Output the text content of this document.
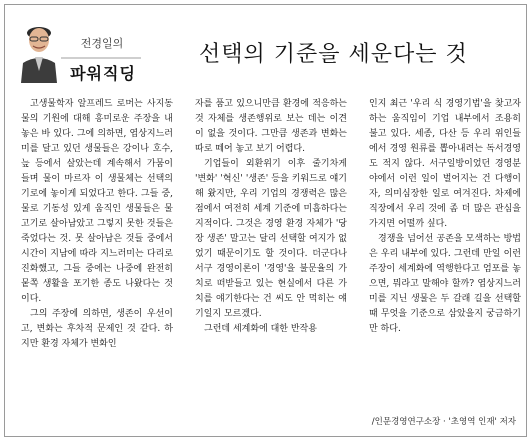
전경일의
파워직딩
선택의 기준을 세운다는 것

고생물학자 알프레드 로머는 사지동물의 기원에 대해 흥미로운 주장을 내놓은 바 있다. 그에 의하면, 엽상지느러미를 달고 있던 생물들은 강이나 호수, 늪 등에서 살았는데 계속해서 가뭄이 들며 물이 마르자 이 생물체는 선택의 기로에 놓이게 되었다고 한다. 그들 중, 물로 기동성 있게 움직인 생물들은 물고기로 살아남았고 그렇지 못한 것들은 죽었다는 것. 못 살아남은 것들 중에서 시간이 지남에 따라 지느러미는 다리로 진화했고, 그들 중에는 나중에 완전히 뭍쪽 생활을 포기한 종도 나왔다는 것이다.

그의 주장에 의하면, 생존이 우선이고, 변화는 후차적 문제인 것 같다. 하지만 환경 자체가 변화인

자를 품고 있으니만큼 환경에 적응하는 것 자체를 생존행위로 보는 데는 이견이 없을 것이다. 그만큼 생존과 변화는 따로 떼어 놓고 보기 어렵다.

기업들이 외환위기 이후 줄기차게 '변화' '혁신' '생존' 등을 키워드로 얘기해 왔지만, 우리 기업의 경쟁력은 많은 점에서 여전히 세계 기준에 미흡하다는 지적이다. 그것은 경영 환경 자체가 '당장 생존' 말고는 달리 선택할 여지가 없었기 때문이기도 할 것이다. 더군다나 서구 경영이론이 '경영'을 불문율의 가치로 떠받들고 있는 현실에서 다른 가치를 얘기한다는 건 씨도 안 먹히는 얘기일지 모르겠다.

그런데 세계화에 대한 반작용

인지 최근 '우리 식 경영기법'을 찾고자 하는 움직임이 기업 내부에서 조용히 불고 있다. 세종, 다산 등 우리 위인들에서 경영 원류를 뽑아내려는 독서경영도 적지 않다. 서구일방이었던 경영분야에서 이런 일이 벌어지는 건 다행이자, 의미심장한 일로 여겨진다. 차제에 직장에서 우리 것에 좀 더 많은 관심을 가지면 어떨까 싶다.

경쟁을 넘어선 공존을 모색하는 방법은 우리 내부에 있다. 그런데 만일 이런 주장이 세계화에 역행한다고 엄포를 놓으면, 뭐라고 말해야 할까? 엽상지느러미를 지닌 생물은 두 갈래 길을 선택할 때 무엇을 기준으로 삼았을지 궁금하기만 하다.

/인문경영연구소장 · '초영역 인재' 저자
